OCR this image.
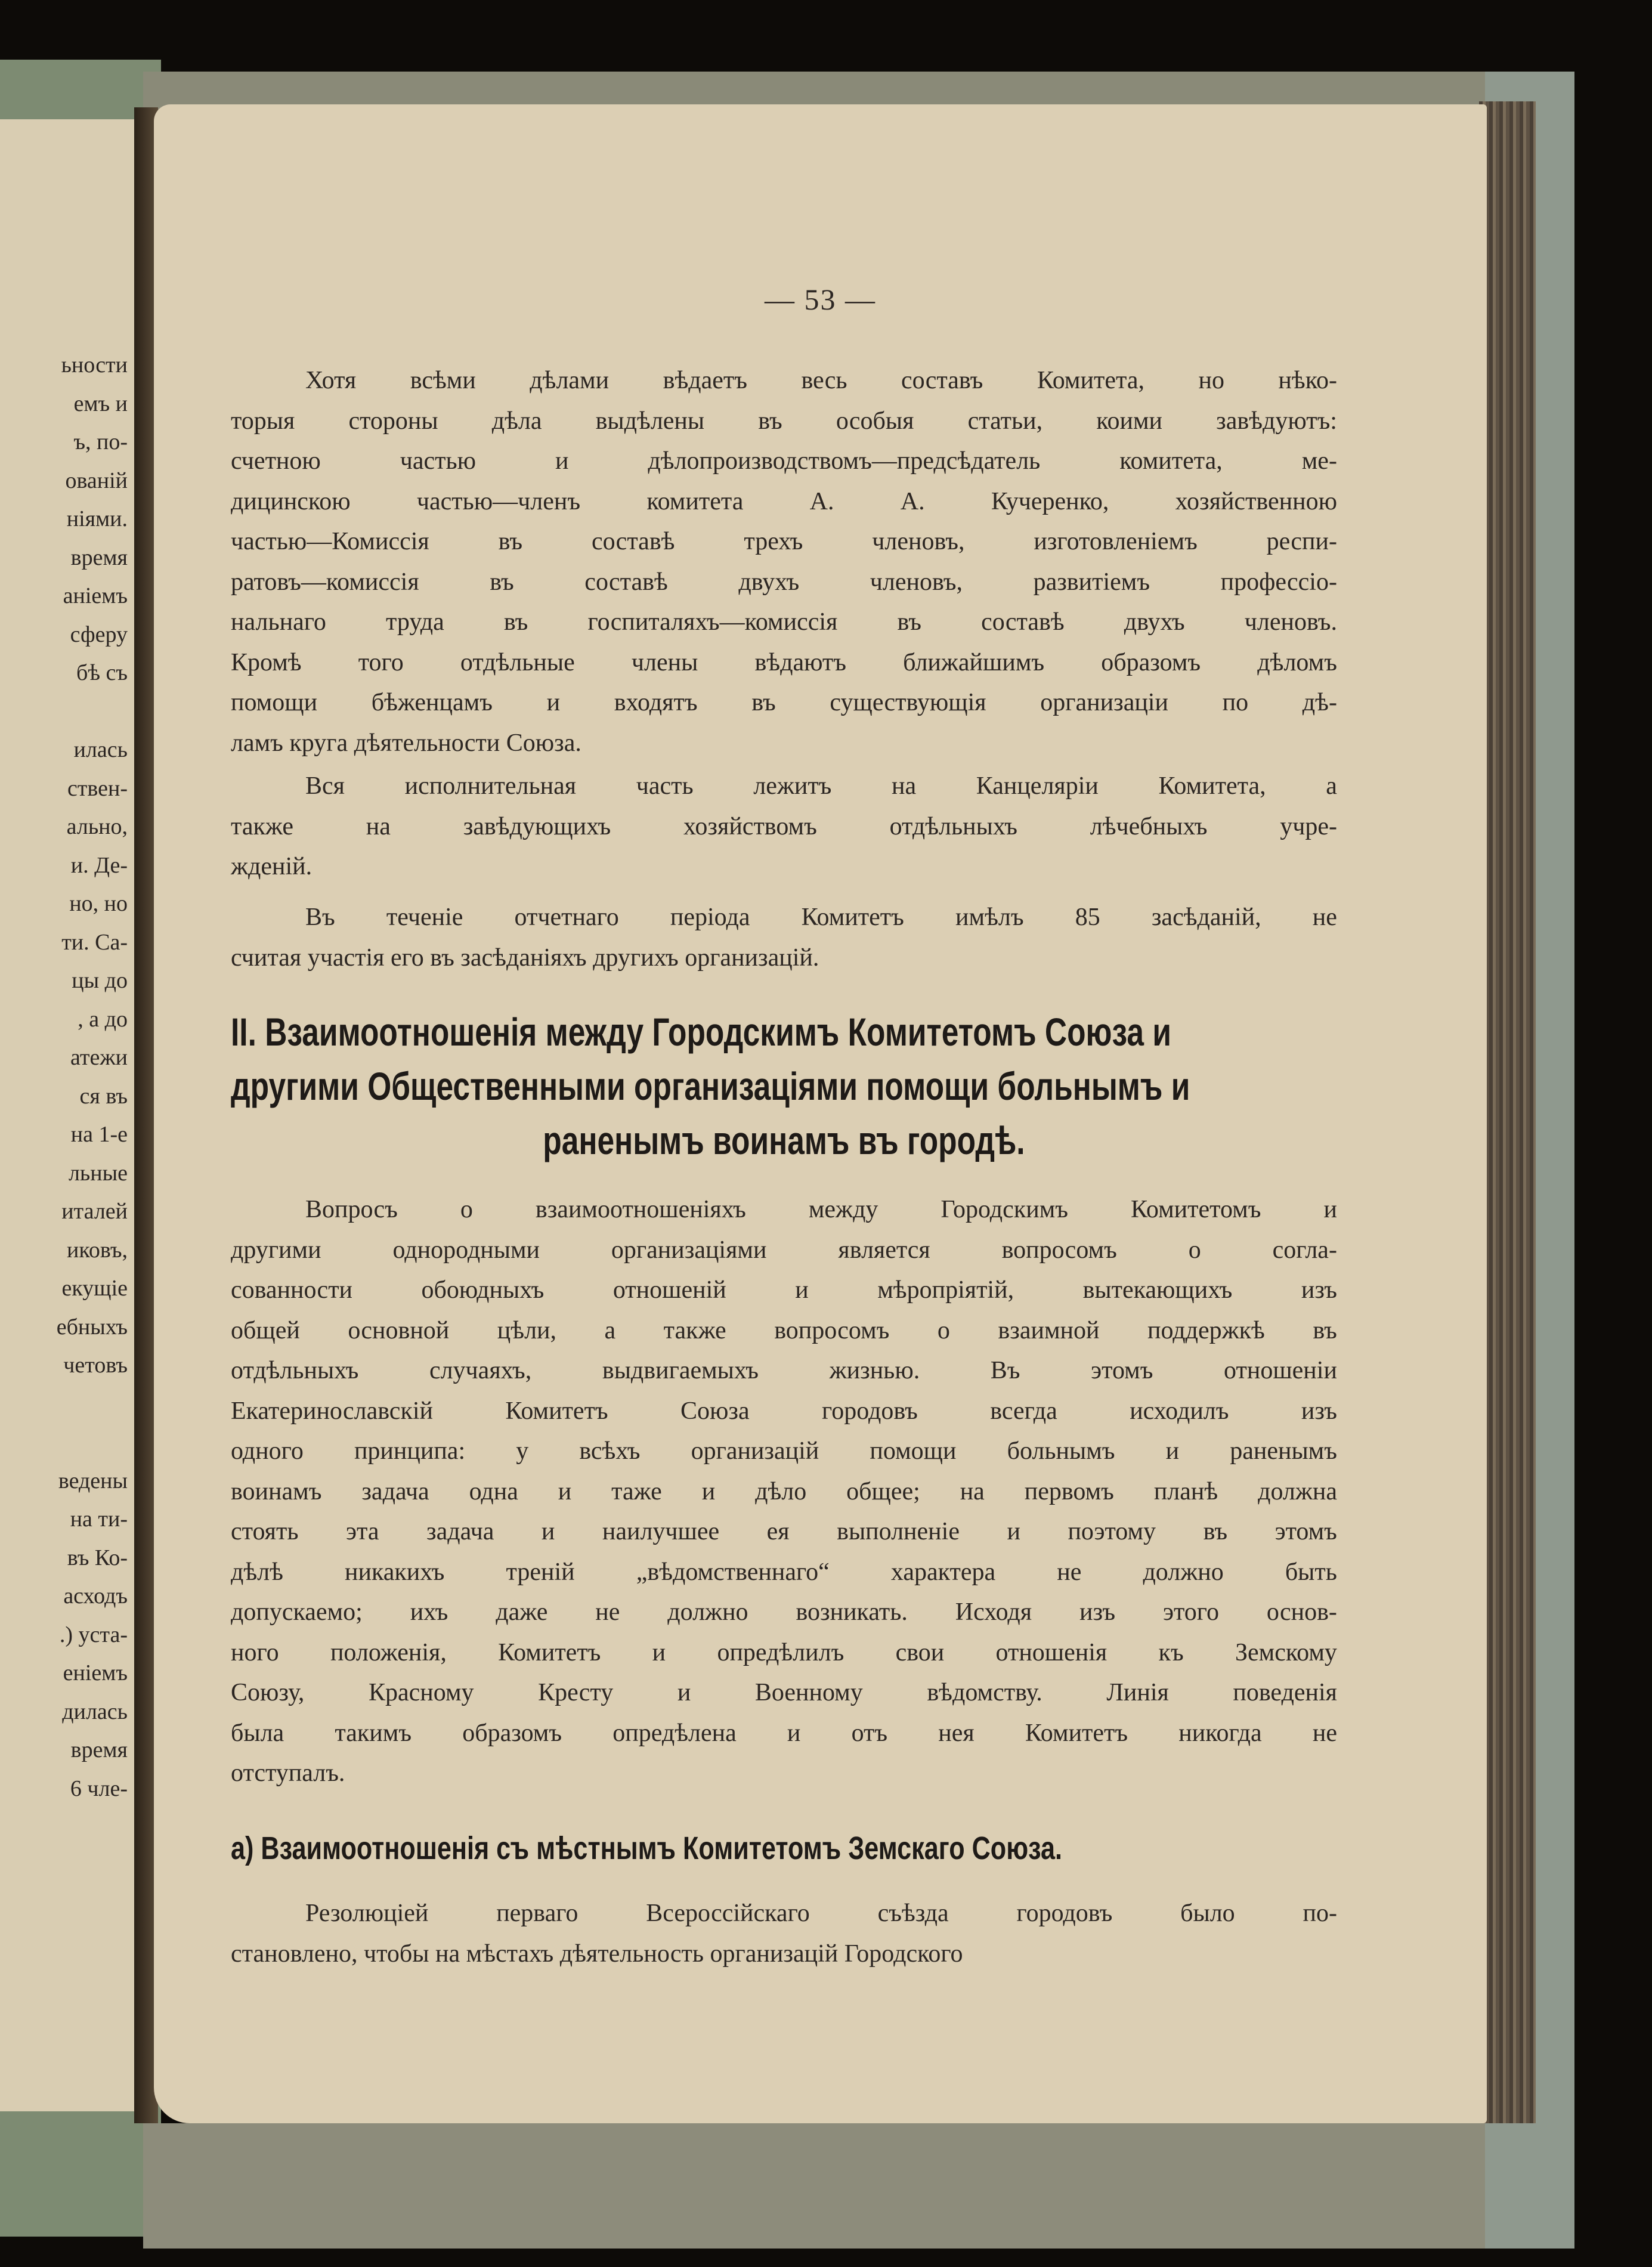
ьности
емъ и
ъ, по-
ованій
ніями.
время
аніемъ
сферу
бѣ съ
илась
ствен-
ально,
и. Де-
но, но
ти. Са-
цы до
, а до
атежи
ся въ
на 1-е
льные
италей
иковъ,
екущіе
ебныхъ
четовъ
ведены
на ти-
въ Ко-
асходъ
.) уста-
еніемъ
дилась
время
6 чле-
— 53 —
Хотя всѣми дѣлами вѣдаетъ весь составъ Комитета, но нѣко-
торыя стороны дѣла выдѣлены въ особыя статьи, коими завѣдуютъ:
счетною	частью	и	дѣлопроизводствомъ—предсѣдатель	комитета,	ме-
дицинскою	частью—членъ	комитета	А.	А.	Кучеренко,	хозяйственною
частью—Комиссія	въ	составѣ	трехъ	членовъ,	изготовленіемъ	респи-
ратовъ—комиссія	въ	составѣ	двухъ	членовъ,	развитіемъ	профессіо-
нальнаго труда въ госпиталяхъ—комиссія въ составѣ двухъ членовъ.
Кромѣ того отдѣльные члены вѣдаютъ ближайшимъ образомъ дѣломъ
помощи бѣженцамъ и входятъ въ существующія организаціи по дѣ-
ламъ круга дѣятельности Союза.
Вся исполнительная часть лежитъ на Канцеляріи Комитета, а
также	на	завѣдующихъ	хозяйствомъ	отдѣльныхъ	лѣчебныхъ	учре-
жденій.
Въ теченіе отчетнаго періода Комитетъ имѣлъ 85 засѣданій, не
считая участія его въ засѣданіяхъ другихъ организацій.
II. Взаимоотношенія между Городскимъ Комитетомъ Союза и
другими Общественными организаціями помощи больнымъ и
раненымъ воинамъ въ городѣ.
Вопросъ о взаимоотношеніяхъ между Городскимъ Комитетомъ и
другими	однородными	организаціями	является	вопросомъ	о	согла-
сованности	обоюдныхъ	отношеній	и	мѣропріятій,	вытекающихъ	изъ
общей основной цѣли, а также вопросомъ о взаимной поддержкѣ въ
отдѣльныхъ	случаяхъ,	выдвигаемыхъ	жизнью.	Въ	этомъ	отношеніи
Екатеринославскій	Комитетъ	Союза	городовъ	всегда	исходилъ	изъ
одного принципа: у всѣхъ организацій помощи больнымъ и раненымъ
воинамъ задача одна и таже и дѣло общее; на первомъ планѣ должна
стоять эта задача и наилучшее ея выполненіе и поэтому въ этомъ
дѣлѣ никакихъ треній „вѣдомственнаго“ характера не должно быть
допускаемо; ихъ даже не должно возникать. Исходя изъ этого основ-
ного положенія, Комитетъ и опредѣлилъ свои отношенія къ Земскому
Союзу,	Красному	Кресту	и	Военному	вѣдомству.	Линія	поведенія
была такимъ образомъ опредѣлена и отъ нея Комитетъ никогда не
отступалъ.
а) Взаимоотношенія съ мѣстнымъ Комитетомъ Земскаго Союза.
Резолюціей	перваго	Всероссійскаго	съѣзда	городовъ	было	по-
становлено, чтобы на мѣстахъ дѣятельность организацій Городского
